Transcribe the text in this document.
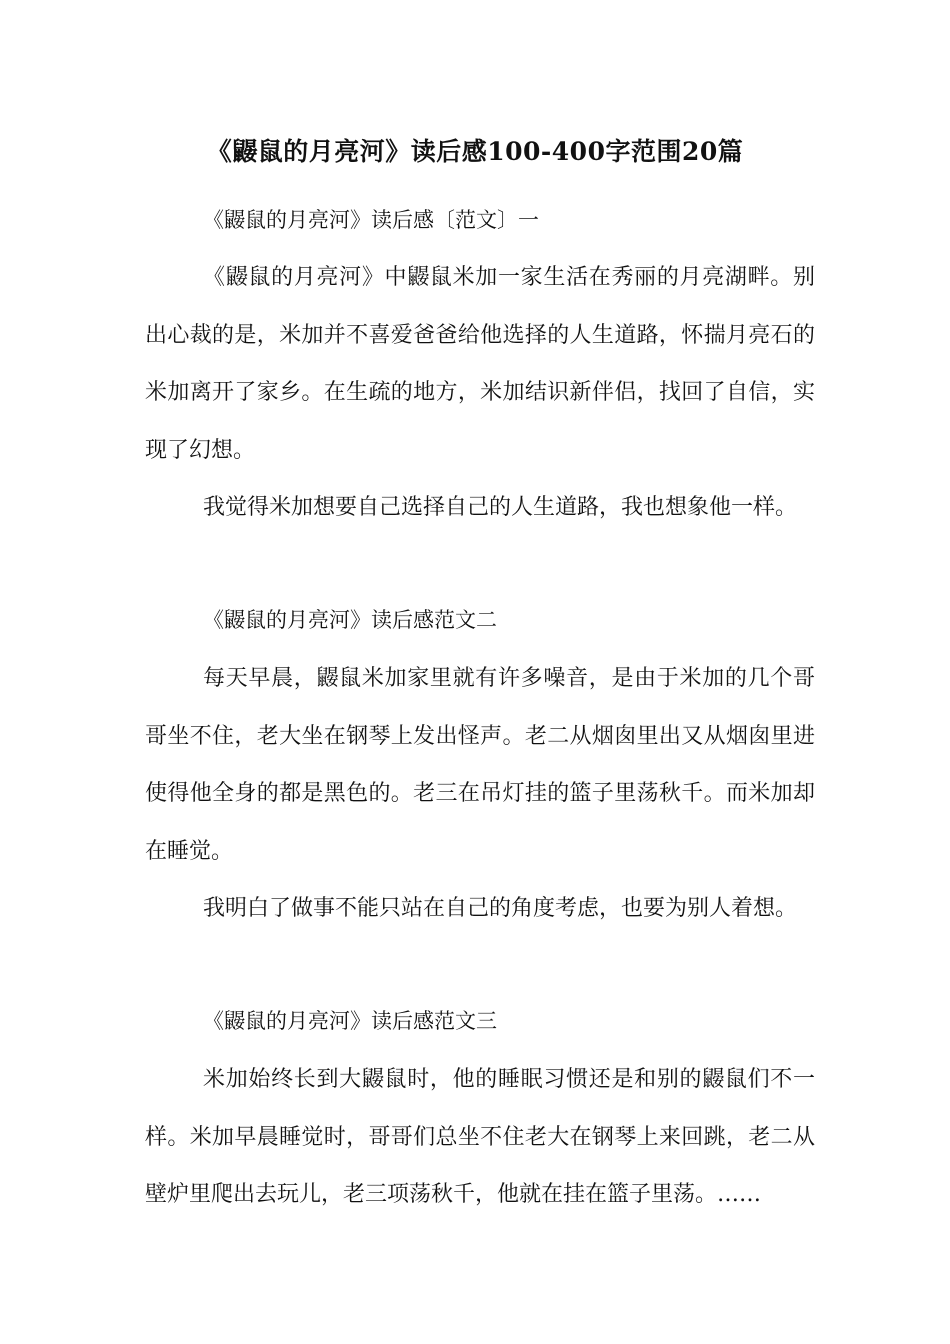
《鼹鼠的月亮河》读后感100-400字范围20篇
《鼹鼠的月亮河》读后感〔范文〕一
《鼹鼠的月亮河》中鼹鼠米加一家生活在秀丽的月亮湖畔。别出心裁的是，米加并不喜爱爸爸给他选择的人生道路，怀揣月亮石的米加离开了家乡。在生疏的地方，米加结识新伴侣，找回了自信，实现了幻想。
我觉得米加想要自己选择自己的人生道路，我也想象他一样。
《鼹鼠的月亮河》读后感范文二
每天早晨，鼹鼠米加家里就有许多噪音，是由于米加的几个哥哥坐不住，老大坐在钢琴上发出怪声。老二从烟囱里出又从烟囱里进使得他全身的都是黑色的。老三在吊灯挂的篮子里荡秋千。而米加却在睡觉。
我明白了做事不能只站在自己的角度考虑，也要为别人着想。
《鼹鼠的月亮河》读后感范文三
米加始终长到大鼹鼠时，他的睡眠习惯还是和别的鼹鼠们不一样。米加早晨睡觉时，哥哥们总坐不住老大在钢琴上来回跳，老二从壁炉里爬出去玩儿，老三项荡秋千，他就在挂在篮子里荡。……
